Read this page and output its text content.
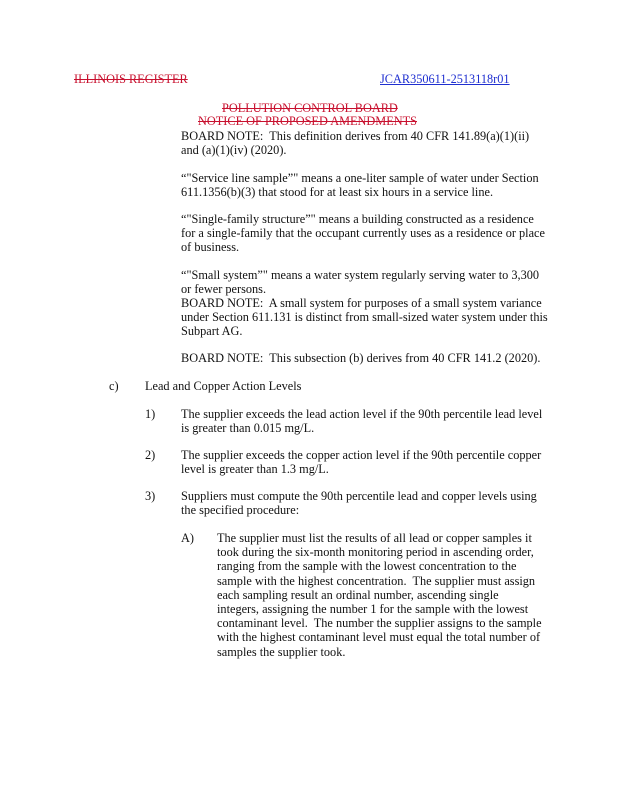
ILLINOIS REGISTER	JCAR350611-2513118r01
POLLUTION CONTROL BOARD
NOTICE OF PROPOSED AMENDMENTS
BOARD NOTE:  This definition derives from 40 CFR 141.89(a)(1)(ii)
and (a)(1)(iv) (2020).
“"Service line sample”" means a one-liter sample of water under Section
611.1356(b)(3) that stood for at least six hours in a service line.
“"Single-family structure”" means a building constructed as a residence
for a single-family that the occupant currently uses as a residence or place
of business.
“"Small system”" means a water system regularly serving water to 3,300
or fewer persons.
BOARD NOTE:  A small system for purposes of a small system variance
under Section 611.131 is distinct from small-sized water system under this
Subpart AG.
BOARD NOTE:  This subsection (b) derives from 40 CFR 141.2 (2020).
c) Lead and Copper Action Levels
1) The supplier exceeds the lead action level if the 90th percentile lead level
is greater than 0.015 mg/L.
2) The supplier exceeds the copper action level if the 90th percentile copper
level is greater than 1.3 mg/L.
3) Suppliers must compute the 90th percentile lead and copper levels using
the specified procedure:
A) The supplier must list the results of all lead or copper samples it
took during the six-month monitoring period in ascending order,
ranging from the sample with the lowest concentration to the
sample with the highest concentration.  The supplier must assign
each sampling result an ordinal number, ascending single
integers, assigning the number 1 for the sample with the lowest
contaminant level.  The number the supplier assigns to the sample
with the highest contaminant level must equal the total number of
samples the supplier took.
